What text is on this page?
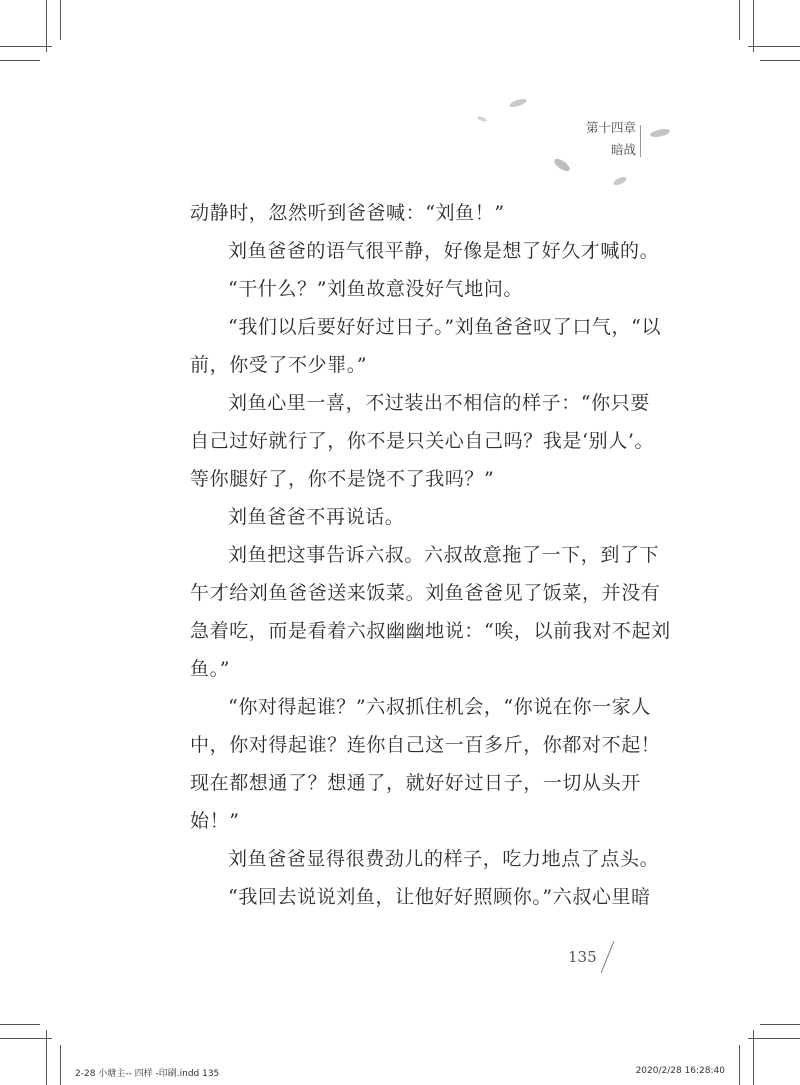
第十四章
暗战
动静时，忽然听到爸爸喊：“刘鱼！”
刘鱼爸爸的语气很平静，好像是想了好久才喊的。
“干什么？”刘鱼故意没好气地问。
“我们以后要好好过日子。”刘鱼爸爸叹了口气，“以
前，你受了不少罪。”
刘鱼心里一喜，不过装出不相信的样子：“你只要
自己过好就行了，你不是只关心自己吗？我是‘别人’。
等你腿好了，你不是饶不了我吗？”
刘鱼爸爸不再说话。
刘鱼把这事告诉六叔。六叔故意拖了一下，到了下
午才给刘鱼爸爸送来饭菜。刘鱼爸爸见了饭菜，并没有
急着吃，而是看着六叔幽幽地说：“唉，以前我对不起刘
鱼。”
“你对得起谁？”六叔抓住机会，“你说在你一家人
中，你对得起谁？连你自己这一百多斤，你都对不起！
现在都想通了？想通了，就好好过日子，一切从头开
始！”
刘鱼爸爸显得很费劲儿的样子，吃力地点了点头。
“我回去说说刘鱼，让他好好照顾你。”六叔心里暗
135
2-28 小塘主-- 四样 -印刷.indd 135	2020/2/28 16:28:40
